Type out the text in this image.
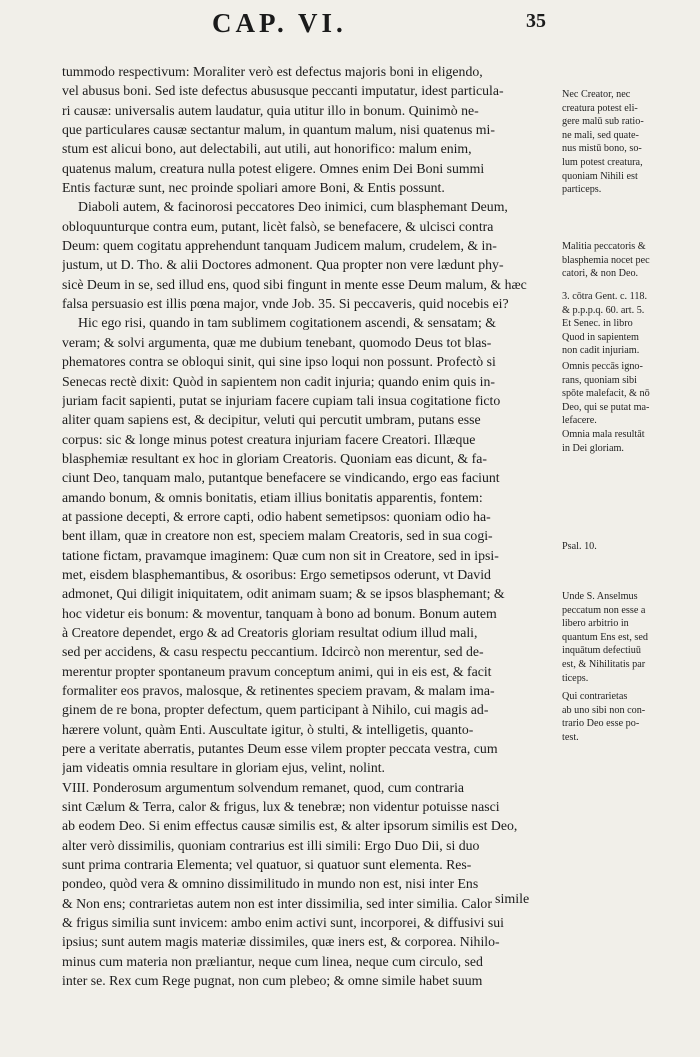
CAP. VI.	35
tummodo respectivum: Moraliter verò est defectus majoris boni in eligendo,
vel abusus boni. Sed iste defectus abususque peccanti imputatur, idest particula-
ri causæ: universalis autem laudatur, quia utitur illo in bonum. Quinimò ne-
que particulares causæ sectantur malum, in quantum malum, nisi quatenus mi-
stum est alicui bono, aut delectabili, aut utili, aut honorifico: malum enim,
quatenus malum, creatura nulla potest eligere. Omnes enim Dei Boni summi
Entis facturæ sunt, nec proinde spoliari amore Boni, & Entis possunt.
Diaboli autem, & facinorosi peccatores Deo inimici, cum blasphemant Deum,
obloquunturque contra eum, putant, licèt falsò, se benefacere, & ulcisci contra
Deum: quem cogitatu apprehendunt tanquam Judicem malum, crudelem, & in-
justum, ut D. Tho. & alii Doctores admonent. Qua propter non vere lædunt phy-
sicè Deum in se, sed illud ens, quod sibi fingunt in mente esse Deum malum, & hæc
falsa persuasio est illis pœna major, vnde Job. 35. Si peccaveris, quid nocebis ei?
Hic ego risi, quando in tam sublimem cogitationem ascendi, & sensatam; &
veram; & solvi argumenta, quæ me dubium tenebant, quomodo Deus tot blas-
phematores contra se obloqui sinit, qui sine ipso loqui non possunt. Profectò si
Senecas rectè dixit: Quòd in sapientem non cadit injuria; quando enim quis in-
juriam facit sapienti, putat se injuriam facere cupiam tali insua cogitatione ficto
aliter quam sapiens est, & decipitur, veluti qui percutit umbram, putans esse
corpus: sic & longe minus potest creatura injuriam facere Creatori. Illæque
blasphemiæ resultant ex hoc in gloriam Creatoris. Quoniam eas dicunt, & fa-
ciunt Deo, tanquam malo, putantque benefacere se vindicando, ergo eas faciunt
amando bonum, & omnis bonitatis, etiam illius bonitatis apparentis, fontem:
at passione decepti, & errore capti, odio habent semetipsos: quoniam odio ha-
bent illam, quæ in creatore non est, speciem malam Creatoris, sed in sua cogi-
tatione fictam, pravamque imaginem: Quæ cum non sit in Creatore, sed in ipsi-
met, eisdem blasphemantibus, & osoribus: Ergo semetipsos oderunt, vt David
admonet, Qui diligit iniquitatem, odit animam suam; & se ipsos blasphemant; &
hoc videtur eis bonum: & moventur, tanquam à bono ad bonum. Bonum autem
à Creatore dependet, ergo & ad Creatoris gloriam resultat odium illud mali,
sed per accidens, & casu respectu peccantium. Idcircò non merentur, sed de-
merentur propter spontaneum pravum conceptum animi, qui in eis est, & facit
formaliter eos pravos, malosque, & retinentes speciem pravam, & malam ima-
ginem de re bona, propter defectum, quem participant à Nihilo, cui magis ad-
hærere volunt, quàm Enti. Auscultate igitur, ò stulti, & intelligetis, quanto-
pere a veritate aberratis, putantes Deum esse vilem propter peccata vestra, cum
jam videatis omnia resultare in gloriam ejus, velint, nolint.
VIII. Ponderosum argumentum solvendum remanet, quod, cum contraria
sint Cælum & Terra, calor & frigus, lux & tenebræ; non videntur potuisse nasci
ab eodem Deo. Si enim effectus causæ similis est, & alter ipsorum similis est Deo,
alter verò dissimilis, quoniam contrarius est illi simili: Ergo Duo Dii, si duo
sunt prima contraria Elementa; vel quatuor, si quatuor sunt elementa. Res-
pondeo, quòd vera & omnino dissimilitudo in mundo non est, nisi inter Ens
& Non ens; contrarietas autem non est inter dissimilia, sed inter similia. Calor
& frigus similia sunt invicem: ambo enim activi sunt, incorporei, & diffusivi sui
ipsius; sunt autem magis materiæ dissimiles, quæ iners est, & corporea. Nihilo-
minus cum materia non præliantur, neque cum linea, neque cum circulo, sed
inter se. Rex cum Rege pugnat, non cum plebeo; & omne simile habet suum
simile
Nec Creator, nec
creatura potest eli-
gere malū sub ratio-
ne mali, sed quate-
nus mistū bono, so-
lum potest creatura,
quoniam Nihili est
particeps.
Malitia peccatoris &
blasphemia nocet pec
catori, & non Deo.
3. cōtra Gent. c. 118.
& p.p.p.q. 60. art. 5.
Et Senec. in libro
Quod in sapientem
non cadit injuriam.
Omnis peccās igno-
rans, quoniam sibi
spōte malefacit, & nō
Deo, qui se putat ma-
lefacere.
Omnia mala resultāt
in Dei gloriam.
Psal. 10.
Unde S. Anselmus
peccatum non esse a
libero arbitrio in
quantum Ens est, sed
inquātum defectiuū
est, & Nihilitatis par
ticeps.
Qui contrarietas
ab uno sibi non con-
trario Deo esse po-
test.
